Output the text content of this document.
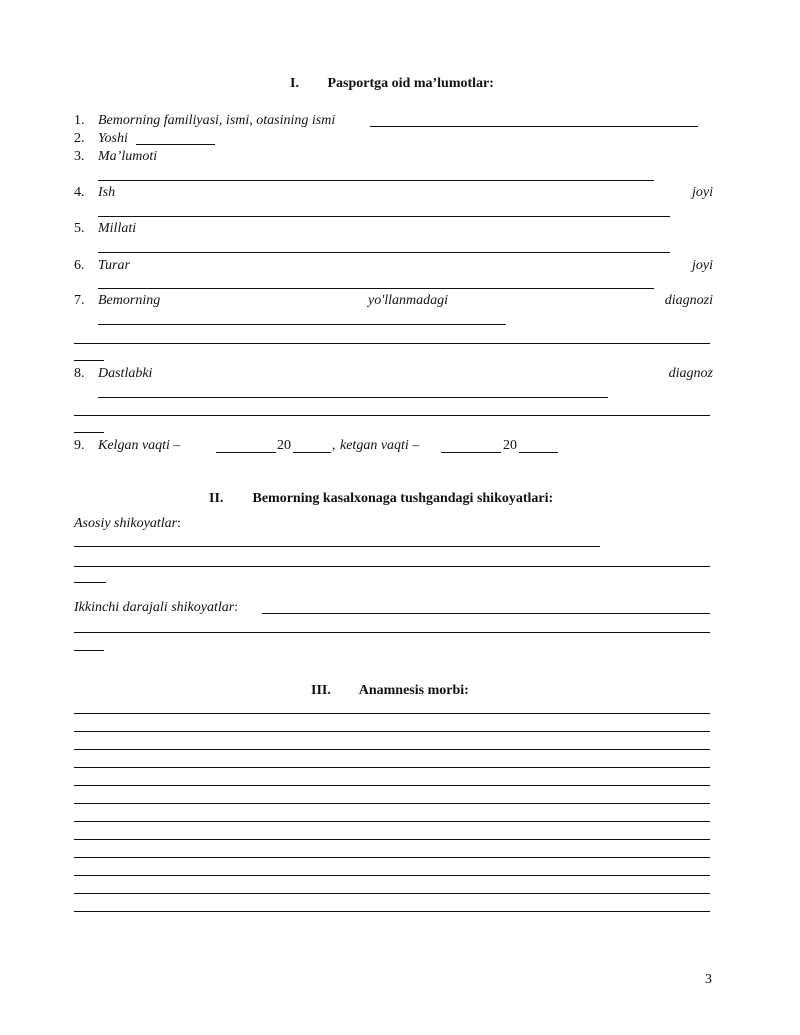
I. Pasportga oid ma’lumotlar:
1. Bemorning familiyasi, ismi, otasining ismi
2. Yoshi
3. Ma’lumoti
4. Ish	joyi
5. Millati
6. Turar	joyi
7. Bemorning	yo'llanmadagi	diagnozi
8. Dastlabki	diagnoz
9. Kelgan vaqti –	20	, ketgan vaqti –	20
II. Bemorning kasalxonaga tushgandagi shikoyatlari:
Asosiy shikoyatlar:
Ikkinchi darajali shikoyatlar:
III. Anamnesis morbi:
3
